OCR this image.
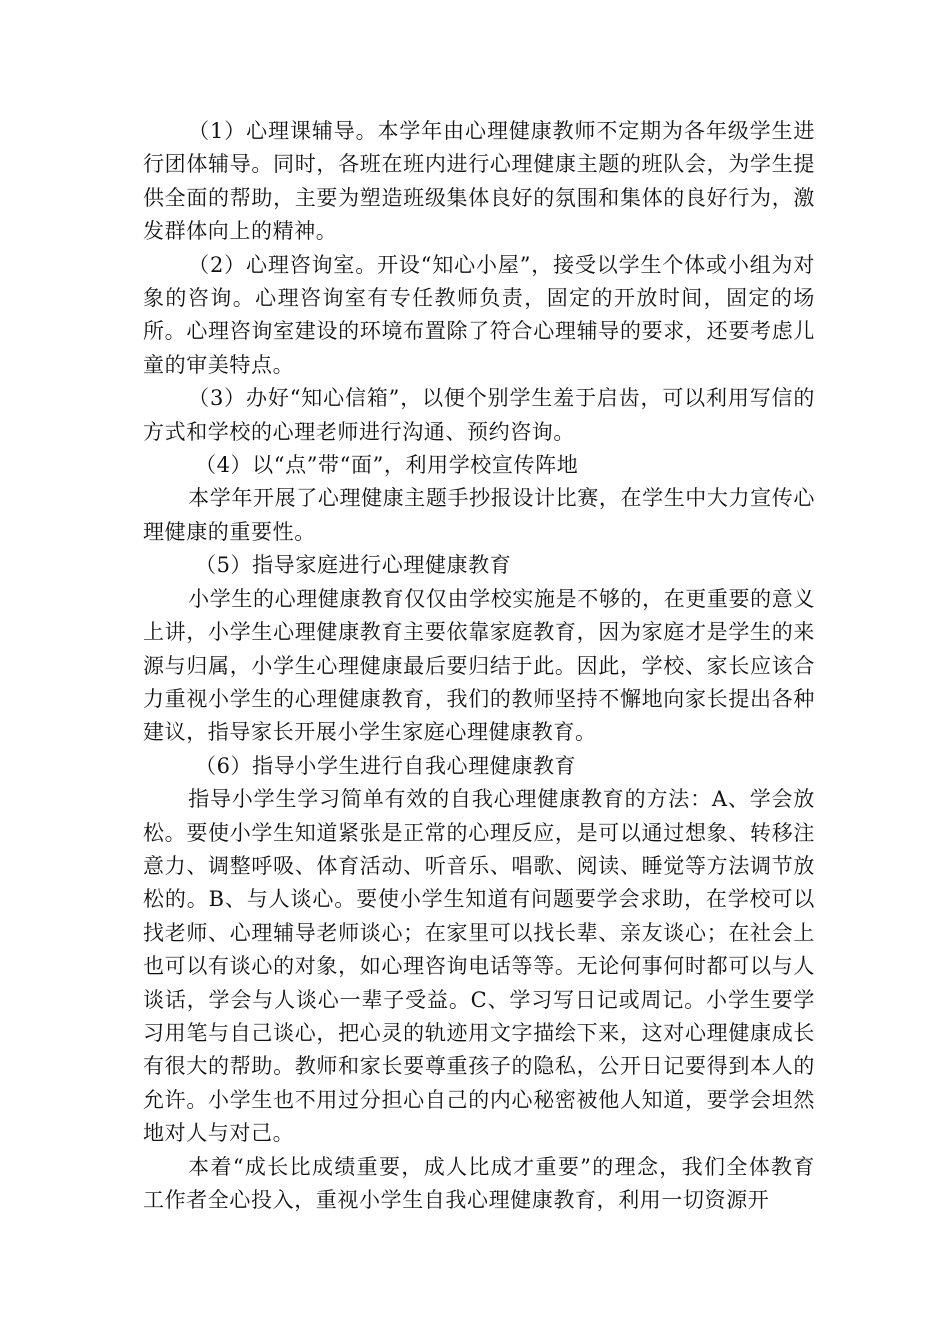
（1）心理课辅导。本学年由心理健康教师不定期为各年级学生进行团体辅导。同时，各班在班内进行心理健康主题的班队会，为学生提供全面的帮助，主要为塑造班级集体良好的氛围和集体的良好行为，激发群体向上的精神。

（2）心理咨询室。开设“知心小屋”，接受以学生个体或小组为对象的咨询。心理咨询室有专任教师负责，固定的开放时间，固定的场所。心理咨询室建设的环境布置除了符合心理辅导的要求，还要考虑儿童的审美特点。

（3）办好“知心信箱”，以便个别学生羞于启齿，可以利用写信的方式和学校的心理老师进行沟通、预约咨询。

（4）以“点”带“面”，利用学校宣传阵地

本学年开展了心理健康主题手抄报设计比赛，在学生中大力宣传心理健康的重要性。

（5）指导家庭进行心理健康教育

小学生的心理健康教育仅仅由学校实施是不够的，在更重要的意义上讲，小学生心理健康教育主要依靠家庭教育，因为家庭才是学生的来源与归属，小学生心理健康最后要归结于此。因此，学校、家长应该合力重视小学生的心理健康教育，我们的教师坚持不懈地向家长提出各种建议，指导家长开展小学生家庭心理健康教育。

（6）指导小学生进行自我心理健康教育

指导小学生学习简单有效的自我心理健康教育的方法：A、学会放松。要使小学生知道紧张是正常的心理反应，是可以通过想象、转移注意力、调整呼吸、体育活动、听音乐、唱歌、阅读、睡觉等方法调节放松的。B、与人谈心。要使小学生知道有问题要学会求助，在学校可以找老师、心理辅导老师谈心；在家里可以找长辈、亲友谈心；在社会上也可以有谈心的对象，如心理咨询电话等等。无论何事何时都可以与人谈话，学会与人谈心一辈子受益。C、学习写日记或周记。小学生要学习用笔与自己谈心，把心灵的轨迹用文字描绘下来，这对心理健康成长有很大的帮助。教师和家长要尊重孩子的隐私，公开日记要得到本人的允许。小学生也不用过分担心自己的内心秘密被他人知道，要学会坦然地对人与对己。

本着“成长比成绩重要，成人比成才重要”的理念，我们全体教育工作者全心投入，重视小学生自我心理健康教育，利用一切资源开
